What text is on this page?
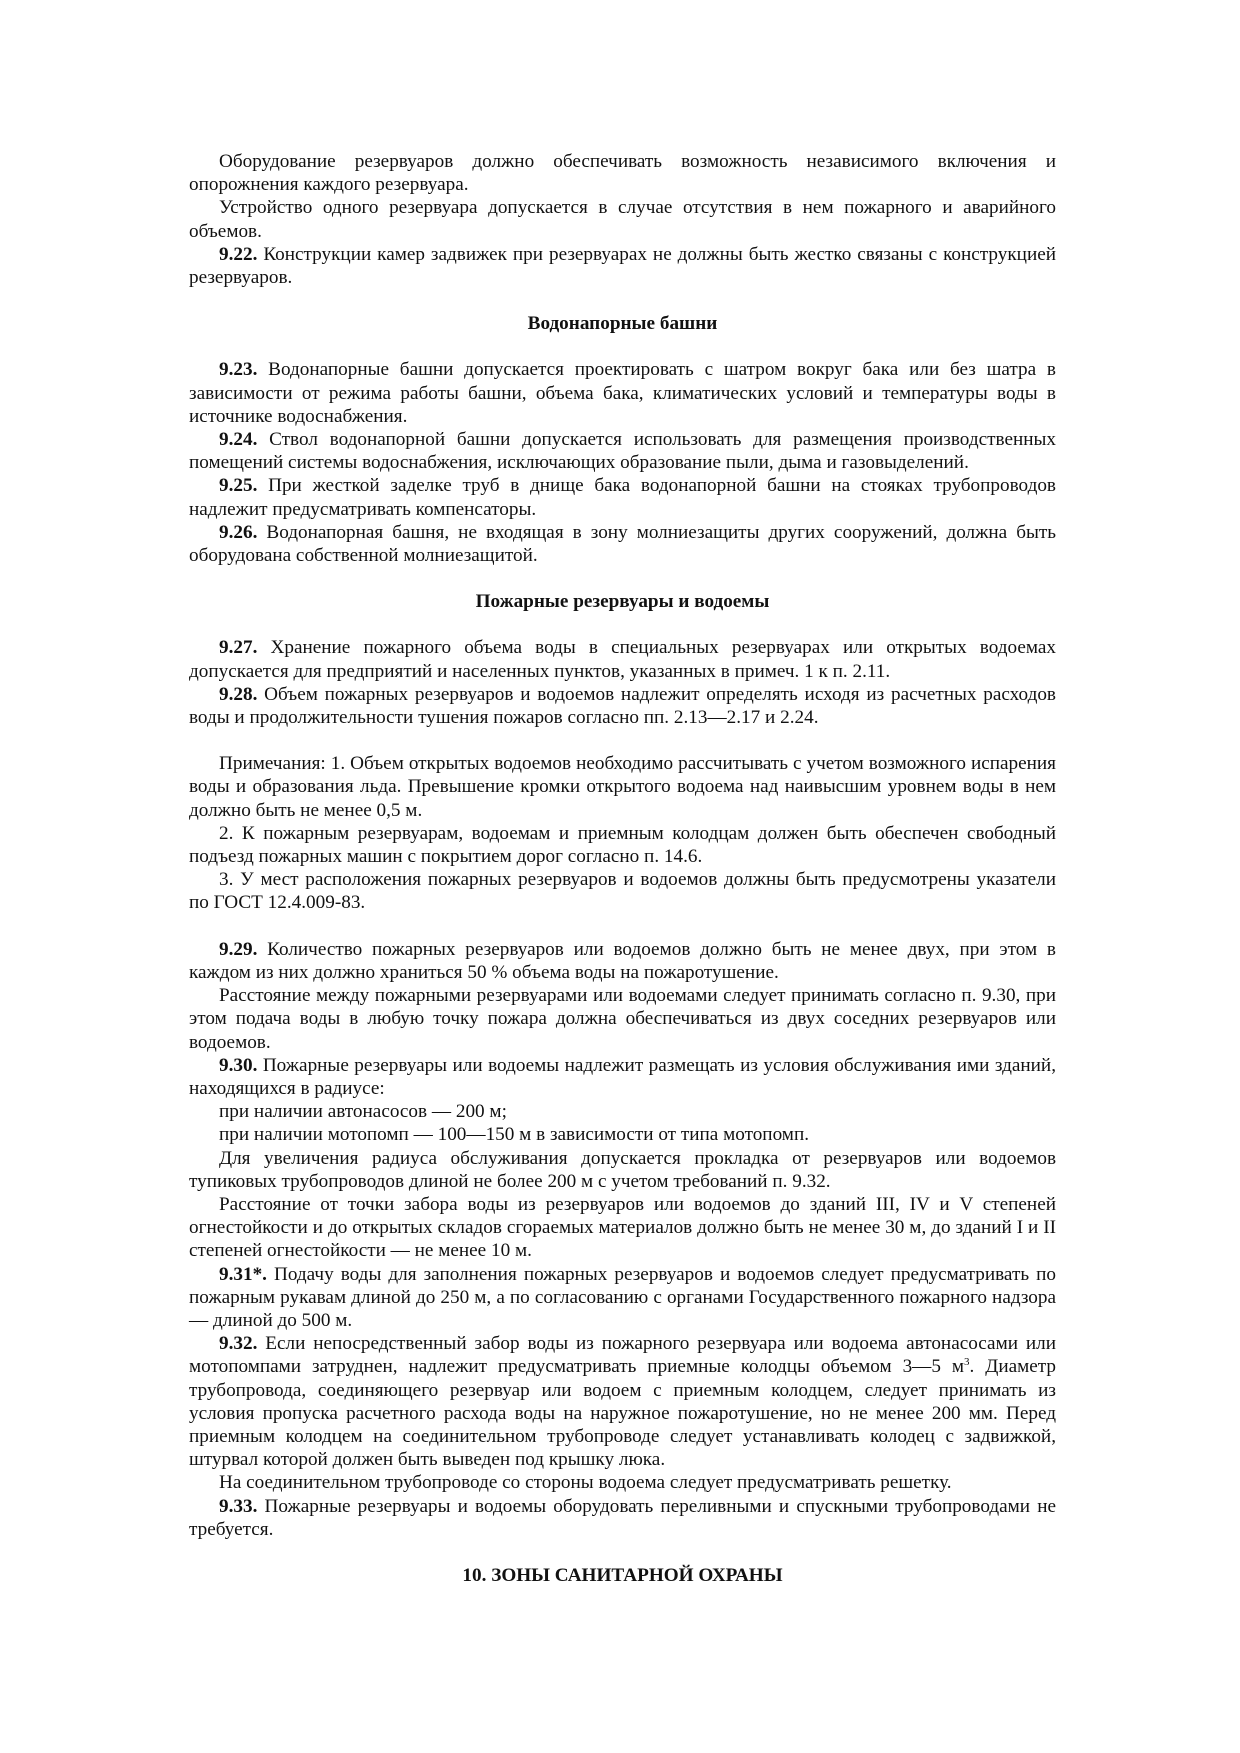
Оборудование резервуаров должно обеспечивать возможность независимого включения и опорожнения каждого резервуара.

Устройство одного резервуара допускается в случае отсутствия в нем пожарного и аварийного объемов.

9.22. Конструкции камер задвижек при резервуарах не должны быть жестко связаны с конструкцией резервуаров.

Водонапорные башни

9.23. Водонапорные башни допускается проектировать с шатром вокруг бака или без шатра в зависимости от режима работы башни, объема бака, климатических условий и температуры воды в источнике водоснабжения.

9.24. Ствол водонапорной башни допускается использовать для размещения производственных помещений системы водоснабжения, исключающих образование пыли, дыма и газовыделений.

9.25. При жесткой заделке труб в днище бака водонапорной башни на стояках трубопроводов надлежит предусматривать компенсаторы.

9.26. Водонапорная башня, не входящая в зону молниезащиты других сооружений, должна быть оборудована собственной молниезащитой.

Пожарные резервуары и водоемы

9.27. Хранение пожарного объема воды в специальных резервуарах или открытых водоемах допускается для предприятий и населенных пунктов, указанных в примеч. 1 к п. 2.11.

9.28. Объем пожарных резервуаров и водоемов надлежит определять исходя из расчетных расходов воды и продолжительности тушения пожаров согласно пп. 2.13—2.17 и 2.24.

Примечания: 1. Объем открытых водоемов необходимо рассчитывать с учетом возможного испарения воды и образования льда. Превышение кромки открытого водоема над наивысшим уровнем воды в нем должно быть не менее 0,5 м.

2. К пожарным резервуарам, водоемам и приемным колодцам должен быть обеспечен свободный подъезд пожарных машин с покрытием дорог согласно п. 14.6.

3. У мест расположения пожарных резервуаров и водоемов должны быть предусмотрены указатели по ГОСТ 12.4.009-83.

9.29. Количество пожарных резервуаров или водоемов должно быть не менее двух, при этом в каждом из них должно храниться 50 % объема воды на пожаротушение.

Расстояние между пожарными резервуарами или водоемами следует принимать согласно п. 9.30, при этом подача воды в любую точку пожара должна обеспечиваться из двух соседних резервуаров или водоемов.

9.30. Пожарные резервуары или водоемы надлежит размещать из условия обслуживания ими зданий, находящихся в радиусе:

при наличии автонасосов — 200 м;

при наличии мотопомп — 100—150 м в зависимости от типа мотопомп.

Для увеличения радиуса обслуживания допускается прокладка от резервуаров или водоемов тупиковых трубопроводов длиной не более 200 м с учетом требований п. 9.32.

Расстояние от точки забора воды из резервуаров или водоемов до зданий III, IV и V степеней огнестойкости и до открытых складов сгораемых материалов должно быть не менее 30 м, до зданий I и II степеней огнестойкости — не менее 10 м.

9.31*. Подачу воды для заполнения пожарных резервуаров и водоемов следует предусматривать по пожарным рукавам длиной до 250 м, а по согласованию с органами Государственного пожарного надзора — длиной до 500 м.

9.32. Если непосредственный забор воды из пожарного резервуара или водоема автонасосами или мотопомпами затруднен, надлежит предусматривать приемные колодцы объемом 3—5 $м^3$. Диаметр трубопровода, соединяющего резервуар или водоем с приемным колодцем, следует принимать из условия пропуска расчетного расхода воды на наружное пожаротушение, но не менее 200 мм. Перед приемным колодцем на соединительном трубопроводе следует устанавливать колодец с задвижкой, штурвал которой должен быть выведен под крышку люка.

На соединительном трубопроводе со стороны водоема следует предусматривать решетку.

9.33. Пожарные резервуары и водоемы оборудовать переливными и спускными трубопроводами не требуется.

10. ЗОНЫ САНИТАРНОЙ ОХРАНЫ
